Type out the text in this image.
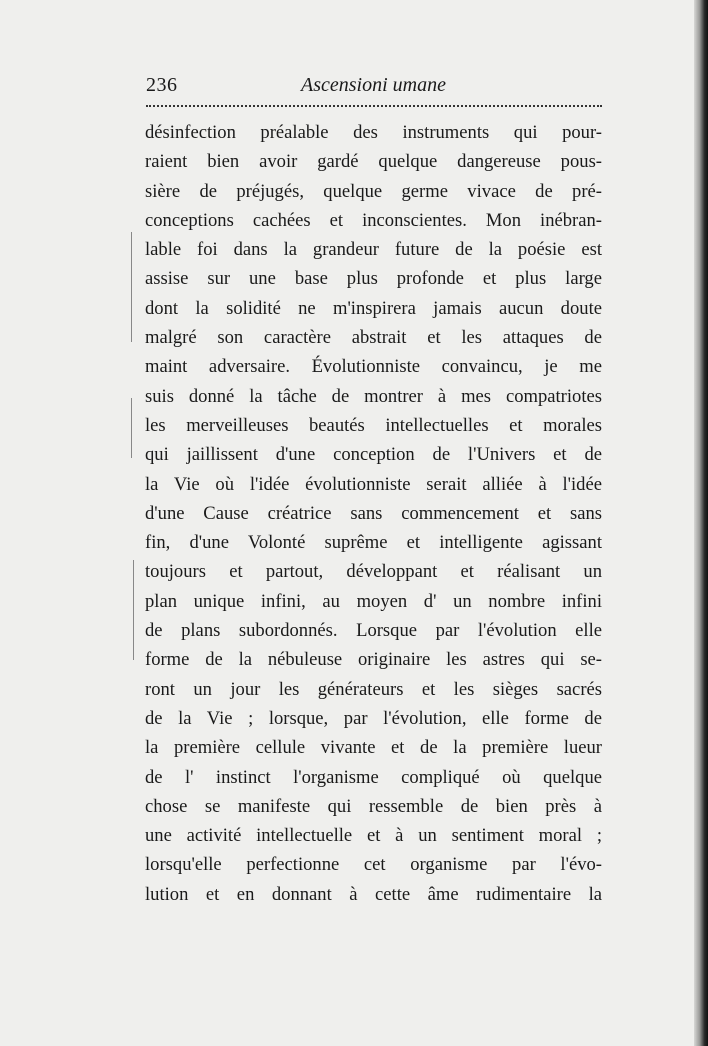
236	Ascensioni umane
désinfection préalable des instruments qui pour-
raient bien avoir gardé quelque dangereuse pous-
sière de préjugés, quelque germe vivace de pré-
conceptions cachées et inconscientes. Mon inébran-
lable foi dans la grandeur future de la poésie est
assise sur une base plus profonde et plus large
dont la solidité ne m'inspirera jamais aucun doute
malgré son caractère abstrait et les attaques de
maint adversaire. Évolutionniste convaincu, je me
suis donné la tâche de montrer à mes compatriotes
les merveilleuses beautés intellectuelles et morales
qui jaillissent d'une conception de l'Univers et de
la Vie où l'idée évolutionniste serait alliée à l'idée
d'une Cause créatrice sans commencement et sans
fin, d'une Volonté suprême et intelligente agissant
toujours et partout, développant et réalisant un
plan unique infini, au moyen d' un nombre infini
de plans subordonnés. Lorsque par l'évolution elle
forme de la nébuleuse originaire les astres qui se-
ront un jour les générateurs et les sièges sacrés
de la Vie ; lorsque, par l'évolution, elle forme de
la première cellule vivante et de la première lueur
de l' instinct l'organisme compliqué où quelque
chose se manifeste qui ressemble de bien près à
une activité intellectuelle et à un sentiment moral ;
lorsqu'elle perfectionne cet organisme par l'évo-
lution et en donnant à cette âme rudimentaire la
